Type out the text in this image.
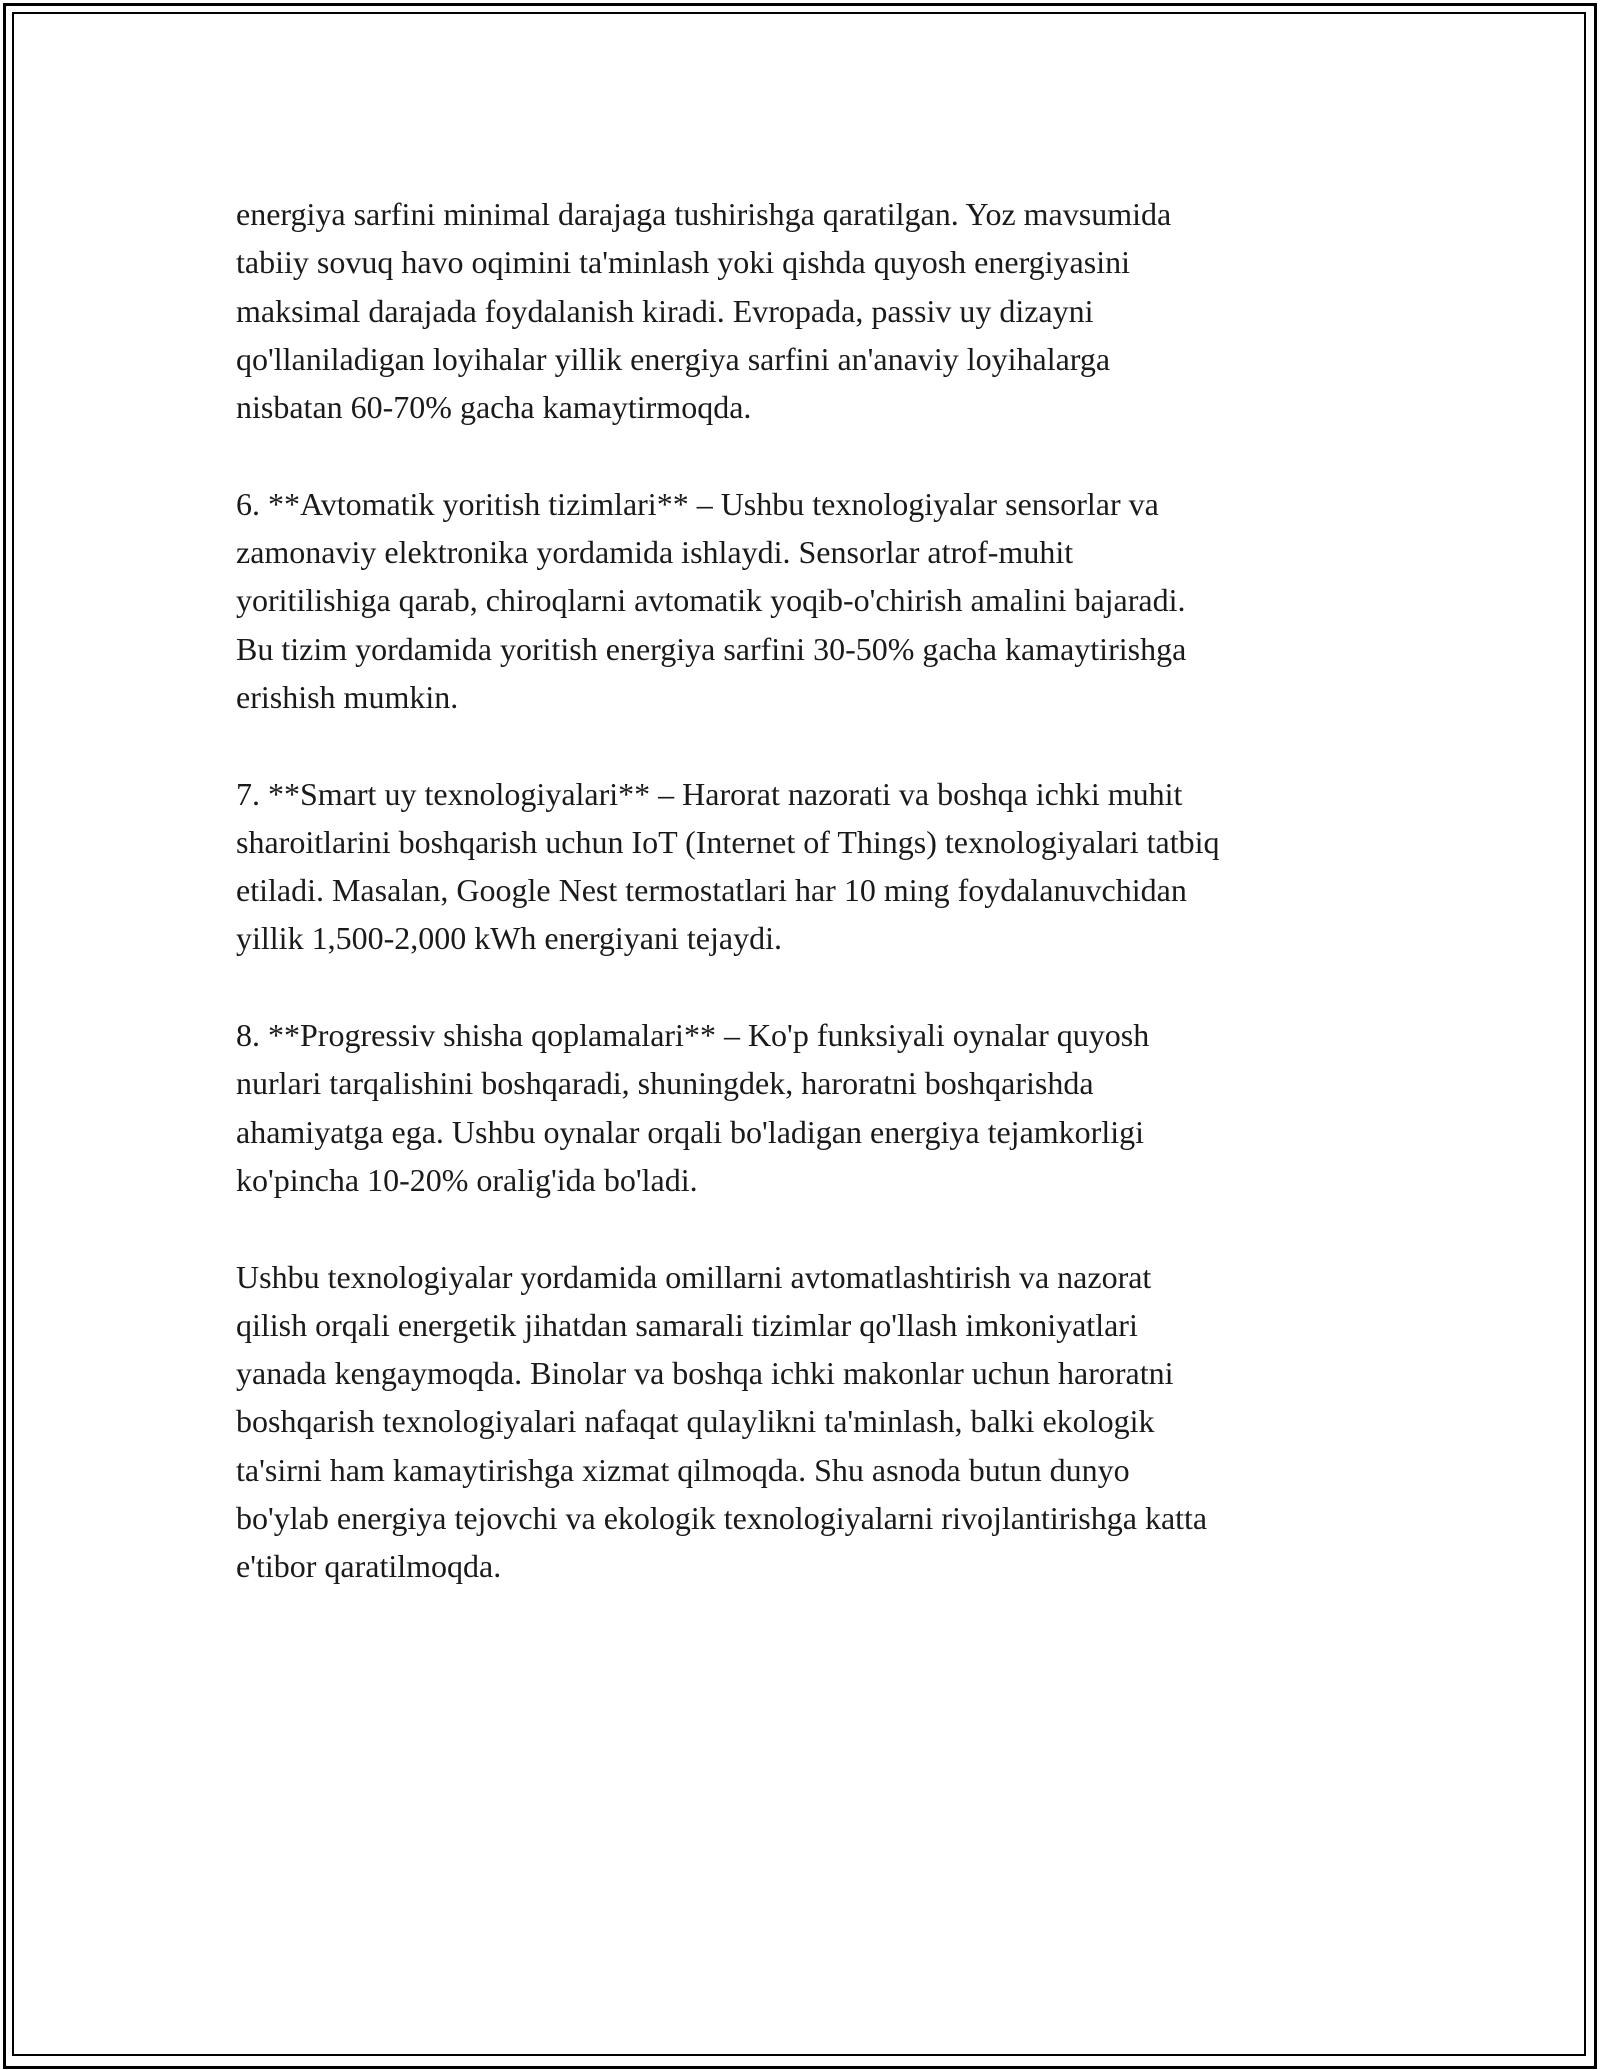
energiya sarfini minimal darajaga tushirishga qaratilgan. Yoz mavsumida
tabiiy sovuq havo oqimini ta'minlash yoki qishda quyosh energiyasini
maksimal darajada foydalanish kiradi. Evropada, passiv uy dizayni
qo'llaniladigan loyihalar yillik energiya sarfini an'anaviy loyihalarga
nisbatan 60-70% gacha kamaytirmoqda.

6. **Avtomatik yoritish tizimlari** – Ushbu texnologiyalar sensorlar va
zamonaviy elektronika yordamida ishlaydi. Sensorlar atrof-muhit
yoritilishiga qarab, chiroqlarni avtomatik yoqib-o'chirish amalini bajaradi.
Bu tizim yordamida yoritish energiya sarfini 30-50% gacha kamaytirishga
erishish mumkin.

7. **Smart uy texnologiyalari** – Harorat nazorati va boshqa ichki muhit
sharoitlarini boshqarish uchun IoT (Internet of Things) texnologiyalari tatbiq
etiladi. Masalan, Google Nest termostatlari har 10 ming foydalanuvchidan
yillik 1,500-2,000 kWh energiyani tejaydi.

8. **Progressiv shisha qoplamalari** – Ko'p funksiyali oynalar quyosh
nurlari tarqalishini boshqaradi, shuningdek, haroratni boshqarishda
ahamiyatga ega. Ushbu oynalar orqali bo'ladigan energiya tejamkorligi
ko'pincha 10-20% oralig'ida bo'ladi.

Ushbu texnologiyalar yordamida omillarni avtomatlashtirish va nazorat
qilish orqali energetik jihatdan samarali tizimlar qo'llash imkoniyatlari
yanada kengaymoqda. Binolar va boshqa ichki makonlar uchun haroratni
boshqarish texnologiyalari nafaqat qulaylikni ta'minlash, balki ekologik
ta'sirni ham kamaytirishga xizmat qilmoqda. Shu asnoda butun dunyo
bo'ylab energiya tejovchi va ekologik texnologiyalarni rivojlantirishga katta
e'tibor qaratilmoqda.
